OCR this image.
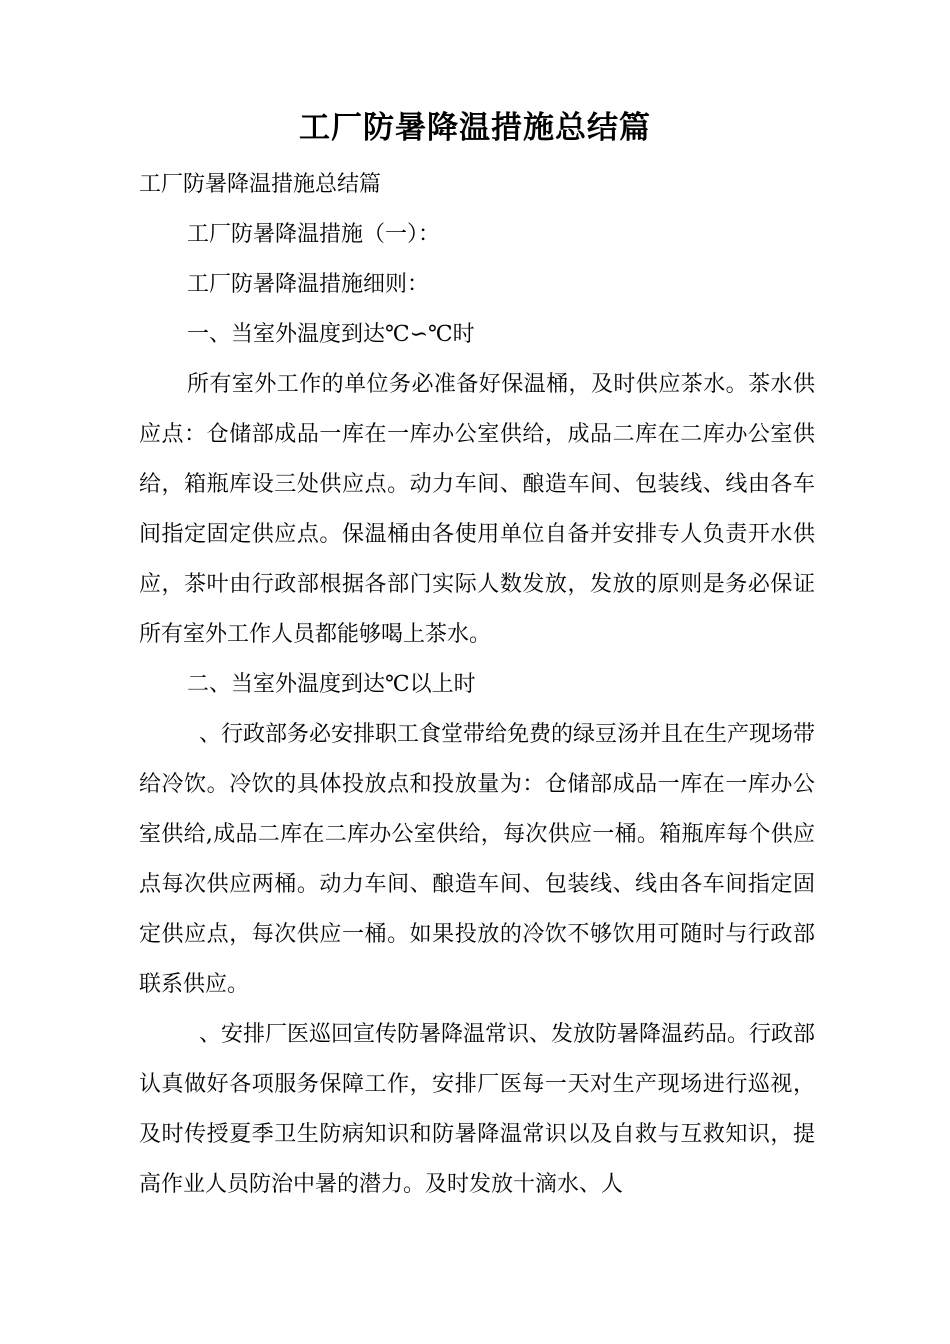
工厂防暑降温措施总结篇

工厂防暑降温措施总结篇

工厂防暑降温措施（一）：

工厂防暑降温措施细则：

一、当室外温度到达℃∽℃时

所有室外工作的单位务必准备好保温桶，及时供应茶水。茶水供应点：仓储部成品一库在一库办公室供给，成品二库在二库办公室供给，箱瓶库设三处供应点。动力车间、酿造车间、包装线、线由各车间指定固定供应点。保温桶由各使用单位自备并安排专人负责开水供应，茶叶由行政部根据各部门实际人数发放，发放的原则是务必保证所有室外工作人员都能够喝上茶水。

二、当室外温度到达℃以上时

、行政部务必安排职工食堂带给免费的绿豆汤并且在生产现场带给冷饮。冷饮的具体投放点和投放量为：仓储部成品一库在一库办公室供给,成品二库在二库办公室供给，每次供应一桶。箱瓶库每个供应点每次供应两桶。动力车间、酿造车间、包装线、线由各车间指定固定供应点，每次供应一桶。如果投放的冷饮不够饮用可随时与行政部联系供应。

、安排厂医巡回宣传防暑降温常识、发放防暑降温药品。行政部认真做好各项服务保障工作，安排厂医每一天对生产现场进行巡视，及时传授夏季卫生防病知识和防暑降温常识以及自救与互救知识，提高作业人员防治中暑的潜力。及时发放十滴水、人
